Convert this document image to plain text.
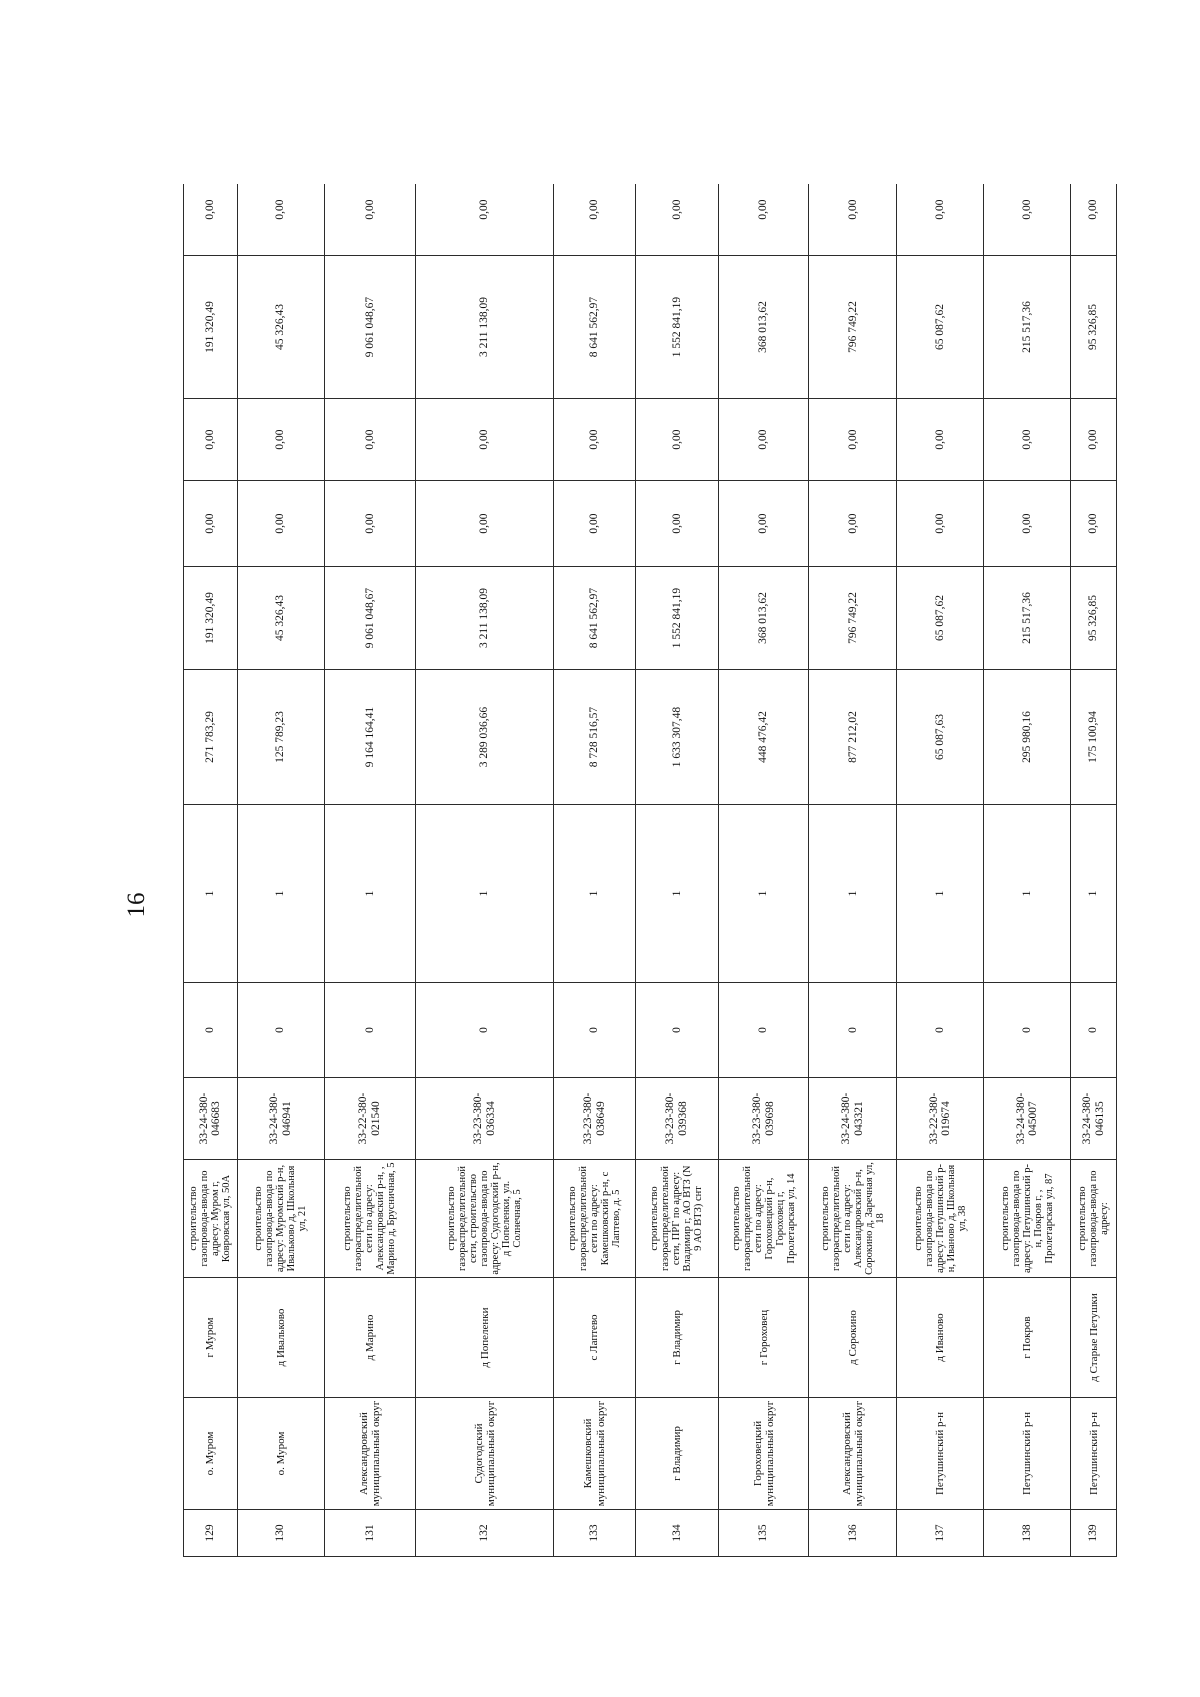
16
129	о. Муром	г Муром	строительство газопровода-ввода по адресу: Муром г, Ковровская ул, 50А	33-24-380-046683	0	1	271 783,29	191 320,49	0,00	0,00	191 320,49	0,00
130	о. Муром	д Ивальково	строительство газопровода-ввода по адресу: Муромский р-н, Ивальково д, Школьная ул, 21	33-24-380-046941	0	1	125 789,23	45 326,43	0,00	0,00	45 326,43	0,00
131	Александровский муниципальный округ	д Марино	строительство газораспределительной сети по адресу: Александровский р-н, , Марино д, Брусничная, 5	33-22-380-021540	0	1	9 164 164,41	9 061 048,67	0,00	0,00	9 061 048,67	0,00
132	Судогодский муниципальный округ	д Попеленки	строительство газораспределительной сети, строительство газопровода-ввода по адресу: Судогодский р-н, д Попеленки, ул. Солнечная, 5	33-23-380-036334	0	1	3 289 036,66	3 211 138,09	0,00	0,00	3 211 138,09	0,00
133	Камешковский муниципальный округ	с Лаптево	строительство газораспределительной сети по адресу: Камешковский р-н, с Лаптево, д. 5	33-23-380-038649	0	1	8 728 516,57	8 641 562,97	0,00	0,00	8 641 562,97	0,00
134	г Владимир	г Владимир	строительство газораспределительной сети, ПРГ по адресу: Владимир г, АО ВТЗ (N 9 АО ВТЗ) снт	33-23-380-039368	0	1	1 633 307,48	1 552 841,19	0,00	0,00	1 552 841,19	0,00
135	Гороховецкий муниципальный округ	г Гороховец	строительство газораспределительной сети по адресу: Гороховецкий р-н, Гороховец г, Пролетарская ул, 14	33-23-380-039698	0	1	448 476,42	368 013,62	0,00	0,00	368 013,62	0,00
136	Александровский муниципальный округ	д Сорокино	строительство газораспределительной сети по адресу: Александровский р-н, Сорокино д, Заречная ул, 18	33-24-380-043321	0	1	877 212,02	796 749,22	0,00	0,00	796 749,22	0,00
137	Петушинский р-н	д Иваново	строительство газопровода-ввода по адресу: Петушинский р-н, Иваново д, Школьная ул, 38	33-22-380-019674	0	1	65 087,63	65 087,62	0,00	0,00	65 087,62	0,00
138	Петушинский р-н	г Покров	строительство газопровода-ввода по адресу: Петушинский р-н, Покров г, , Пролетарская ул, 87	33-24-380-045007	0	1	295 980,16	215 517,36	0,00	0,00	215 517,36	0,00
139	Петушинский р-н	д Старые Петушки	строительство газопровода-ввода по адресу:	33-24-380-046135	0	1	175 100,94	95 326,85	0,00	0,00	95 326,85	0,00
